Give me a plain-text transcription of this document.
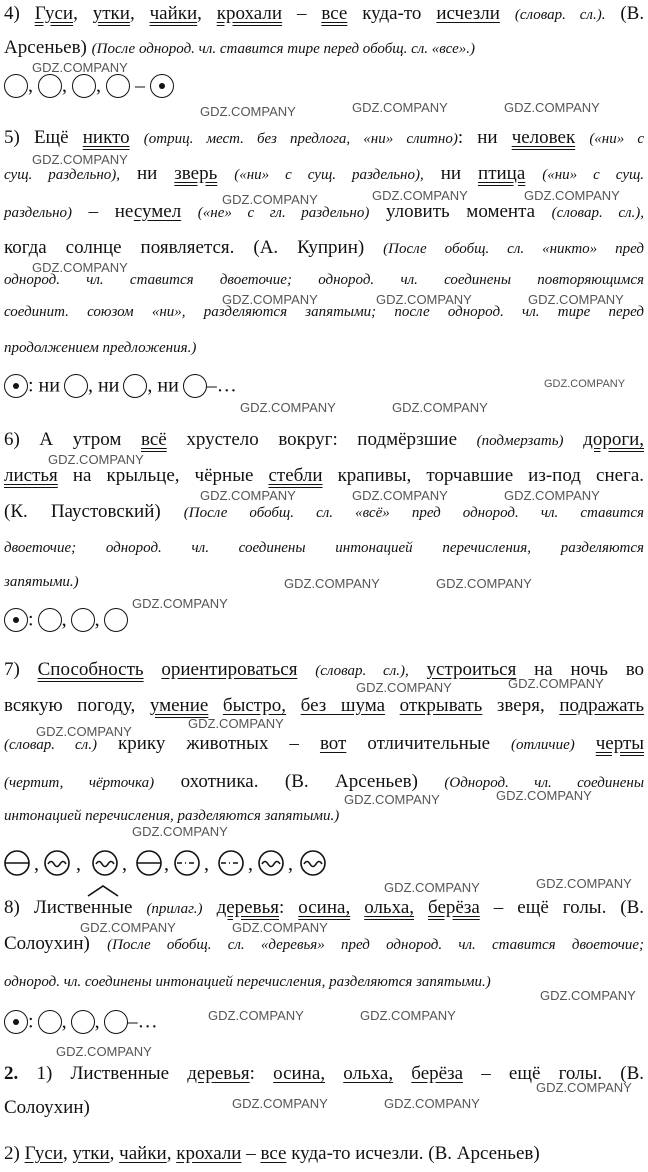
4) Гуси, утки, чайки, крохали – все куда-то исчезли (словар. сл.). (В.
Арсеньев) (После однород. чл. ставится тире перед обобщ. сл. «все».)
, , ,  –
5) Ещё никто (отриц. мест. без предлога, «ни» слитно): ни человек («ни» с
сущ. раздельно), ни зверь («ни» с сущ. раздельно), ни птица («ни» с сущ.
раздельно) – несумел («не» с гл. раздельно) уловить момента (словар. сл.),
когда солнце появляется. (А. Куприн) (После обобщ. сл. «никто» пред
однород. чл. ставится двоеточие; однород. чл. соединены повторяющимся
соединит. союзом «ни», разделяются запятыми; после однород. чл. тире перед
продолжением предложения.)
: ни , ни , ни –…
6) А утром всё хрустело вокруг: подмёрзшие (подмерзать) дороги,
листья на крыльце, чёрные стебли крапивы, торчавшие из-под снега.
(К. Паустовский) (После обобщ. сл. «всё» пред однород. чл. ставится
двоеточие; однород. чл. соединены интонацией перечисления, разделяются
запятыми.)
: , ,
7) Способность ориентироваться (словар. сл.), устроиться на ночь во
всякую погоду, умение быстро, без шума открывать зверя, подражать
(словар. сл.) крику животных – вот отличительные (отличие) черты
(чертит, чёрточка) охотника. (В. Арсеньев) (Однород. чл. соединены
интонацией перечисления, разделяются запятыми.)
, , , , , , ,
8) Лиственные (прилаг.) деревья: осина, ольха, берёза – ещё голы. (В.
Солоухин) (После обобщ. сл. «деревья» пред однород. чл. ставится двоеточие;
однород. чл. соединены интонацией перечисления, разделяются запятыми.)
: , , –…
2. 1) Лиственные деревья: осина, ольха, берёза – ещё голы. (В.
Солоухин)
2) Гуси, утки, чайки, крохали – все куда-то исчезли. (В. Арсеньев)
GDZ.COMPANY
GDZ.COMPANY	GDZ.COMPANY	GDZ.COMPANY
GDZ.COMPANY
GDZ.COMPANY	GDZ.COMPANY	GDZ.COMPANY
GDZ.COMPANY
GDZ.COMPANY	GDZ.COMPANY	GDZ.COMPANY
GDZ.COMPANY
GDZ.COMPANY	GDZ.COMPANY
GDZ.COMPANY
GDZ.COMPANY	GDZ.COMPANY	GDZ.COMPANY
GDZ.COMPANY	GDZ.COMPANY
GDZ.COMPANY
GDZ.COMPANY	GDZ.COMPANY
GDZ.COMPANY
GDZ.COMPANY
GDZ.COMPANY	GDZ.COMPANY
GDZ.COMPANY
GDZ.COMPANY	GDZ.COMPANY
GDZ.COMPANY	GDZ.COMPANY
GDZ.COMPANY
GDZ.COMPANY	GDZ.COMPANY
GDZ.COMPANY
GDZ.COMPANY
GDZ.COMPANY	GDZ.COMPANY
